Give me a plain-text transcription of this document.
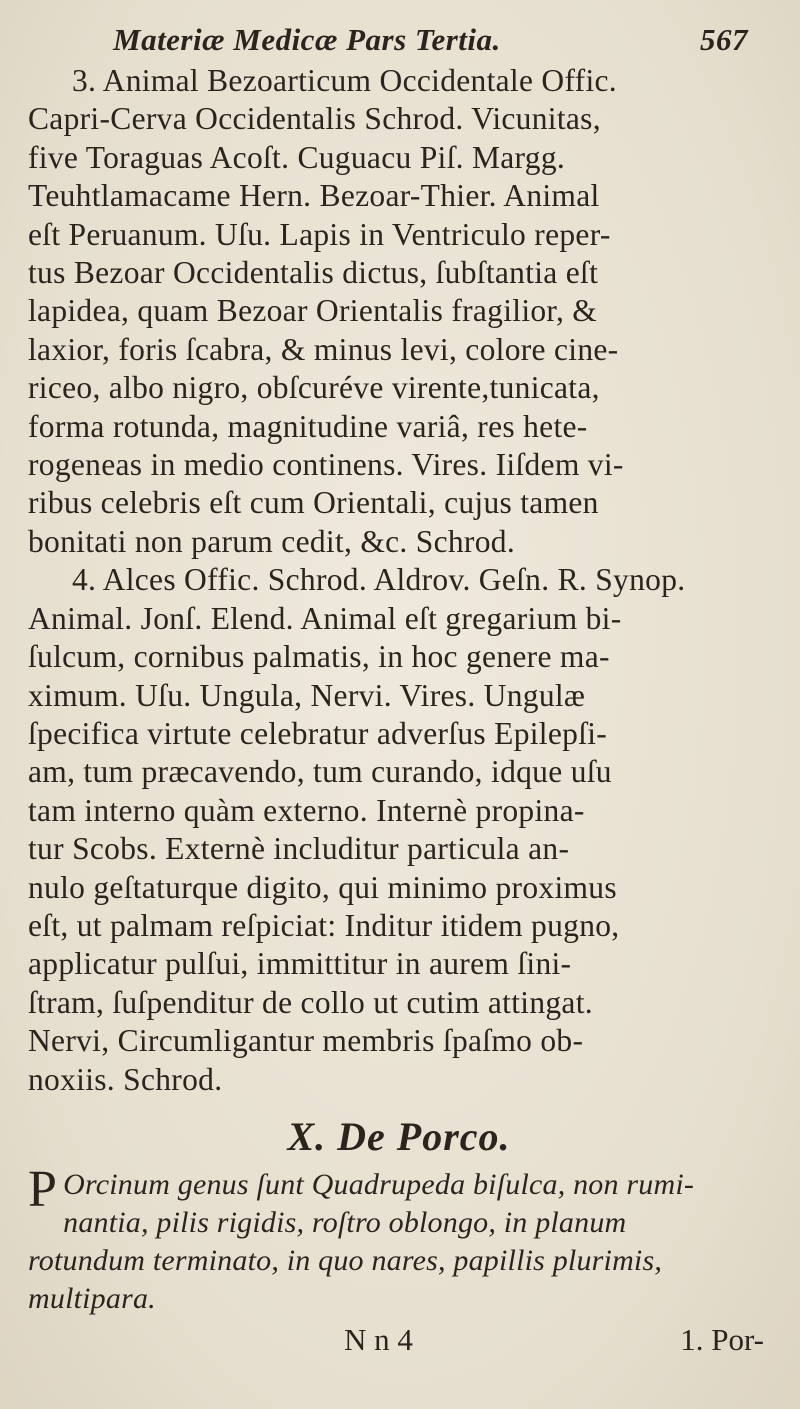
Materiæ Medicæ Pars Tertia.	567

3. Animal Bezoarticum Occidentale Offic.
Capri-Cerva Occidentalis Schrod. Vicunitas,
five Toraguas Acoſt. Cuguacu Piſ. Margg.
Teuhtlamacame Hern. Bezoar-Thier. Animal
eſt Peruanum. Uſu. Lapis in Ventriculo reper-
tus Bezoar Occidentalis dictus, ſubſtantia eſt
lapidea, quam Bezoar Orientalis fragilior, &
laxior, foris ſcabra, & minus levi, colore cine-
riceo, albo nigro, obſcuréve virente,tunicata,
forma rotunda, magnitudine variâ, res hete-
rogeneas in medio continens. Vires. Iiſdem vi-
ribus celebris eſt cum Orientali, cujus tamen
bonitati non parum cedit, &c. Schrod.

4. Alces Offic. Schrod. Aldrov. Geſn. R. Synop.
Animal. Jonſ. Elend. Animal eſt gregarium bi-
ſulcum, cornibus palmatis, in hoc genere ma-
ximum. Uſu. Ungula, Nervi. Vires. Ungulæ
ſpecifica virtute celebratur adverſus Epilepſi-
am, tum præcavendo, tum curando, idque uſu
tam interno quàm externo. Internè propina-
tur Scobs. Externè includitur particula an-
nulo geſtaturque digito, qui minimo proximus
eſt, ut palmam reſpiciat: Inditur itidem pugno,
applicatur pulſui, immittitur in aurem ſini-
ſtram, ſuſpenditur de collo ut cutim attingat.
Nervi, Circumligantur membris ſpaſmo ob-
noxiis. Schrod.

X. De Porco.

P Orcinum genus ſunt Quadrupeda biſulca, non rumi-
nantia, pilis rigidis, roſtro oblongo, in planum
rotundum terminato, in quo nares, papillis plurimis,
multipara.

N n 4	1. Por-
